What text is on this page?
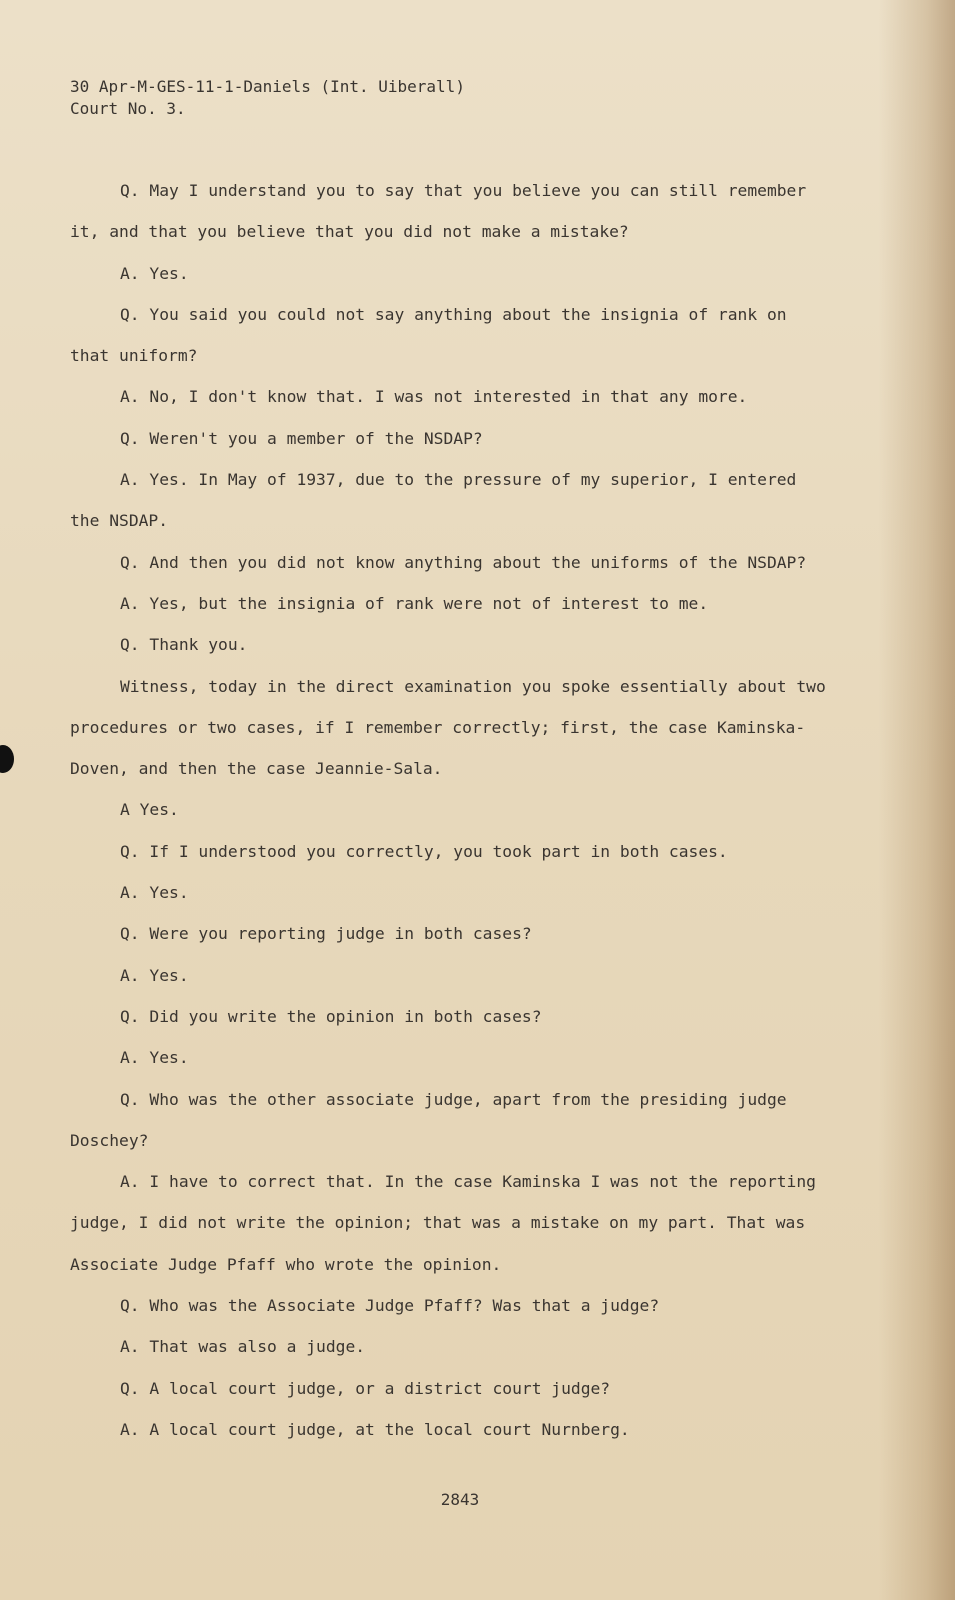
30 Apr-M-GES-11-1-Daniels (Int. Uiberall)
Court No. 3.

Q. May I understand you to say that you believe you can still remember it, and that you believe that you did not make a mistake?

A. Yes.

Q. You said you could not say anything about the insignia of rank on that uniform?

A. No, I don't know that. I was not interested in that any more.

Q. Weren't you a member of the NSDAP?

A. Yes. In May of 1937, due to the pressure of my superior, I entered the NSDAP.

Q. And then you did not know anything about the uniforms of the NSDAP?

A. Yes, but the insignia of rank were not of interest to me.

Q. Thank you.

Witness, today in the direct examination you spoke essentially about two procedures or two cases, if I remember correctly; first, the case Kaminska-Doven, and then the case Jeannie-Sala.

A Yes.

Q. If I understood you correctly, you took part in both cases.

A. Yes.

Q. Were you reporting judge in both cases?

A. Yes.

Q. Did you write the opinion in both cases?

A. Yes.

Q. Who was the other associate judge, apart from the presiding judge Doschey?

A. I have to correct that. In the case Kaminska I was not the reporting judge, I did not write the opinion; that was a mistake on my part. That was Associate Judge Pfaff who wrote the opinion.

Q. Who was the Associate Judge Pfaff? Was that a judge?

A. That was also a judge.

Q. A local court judge, or a district court judge?

A. A local court judge, at the local court Nurnberg.

2843
